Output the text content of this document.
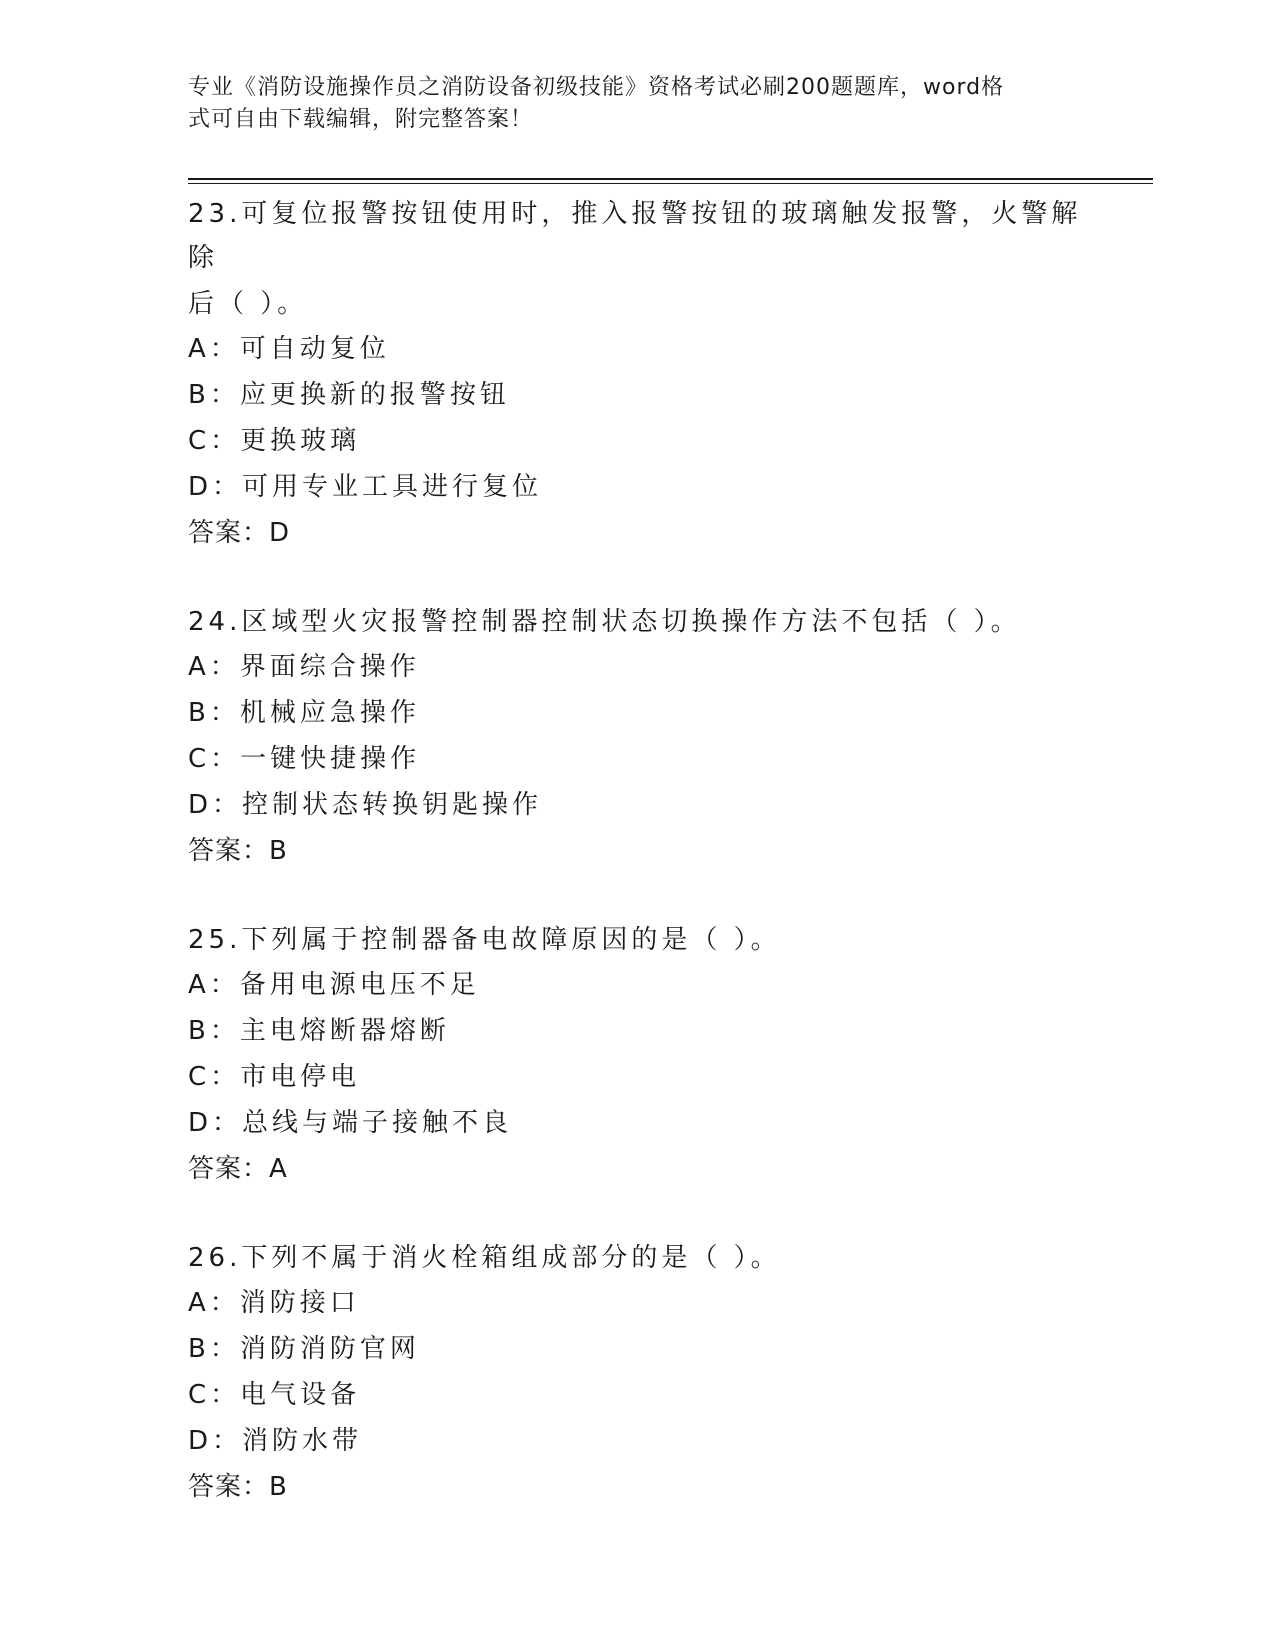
专业《消防设施操作员之消防设备初级技能》资格考试必刷200题题库，word格
式可自由下载编辑，附完整答案！
23.可复位报警按钮使用时，推入报警按钮的玻璃触发报警，火警解除
后（ ）。
A：可自动复位
B：应更换新的报警按钮
C：更换玻璃
D：可用专业工具进行复位
答案：D
24.区域型火灾报警控制器控制状态切换操作方法不包括（ ）。
A：界面综合操作
B：机械应急操作
C：一键快捷操作
D：控制状态转换钥匙操作
答案：B
25.下列属于控制器备电故障原因的是（ ）。
A：备用电源电压不足
B：主电熔断器熔断
C：市电停电
D：总线与端子接触不良
答案：A
26.下列不属于消火栓箱组成部分的是（ ）。
A：消防接口
B：消防消防官网
C：电气设备
D：消防水带
答案：B
